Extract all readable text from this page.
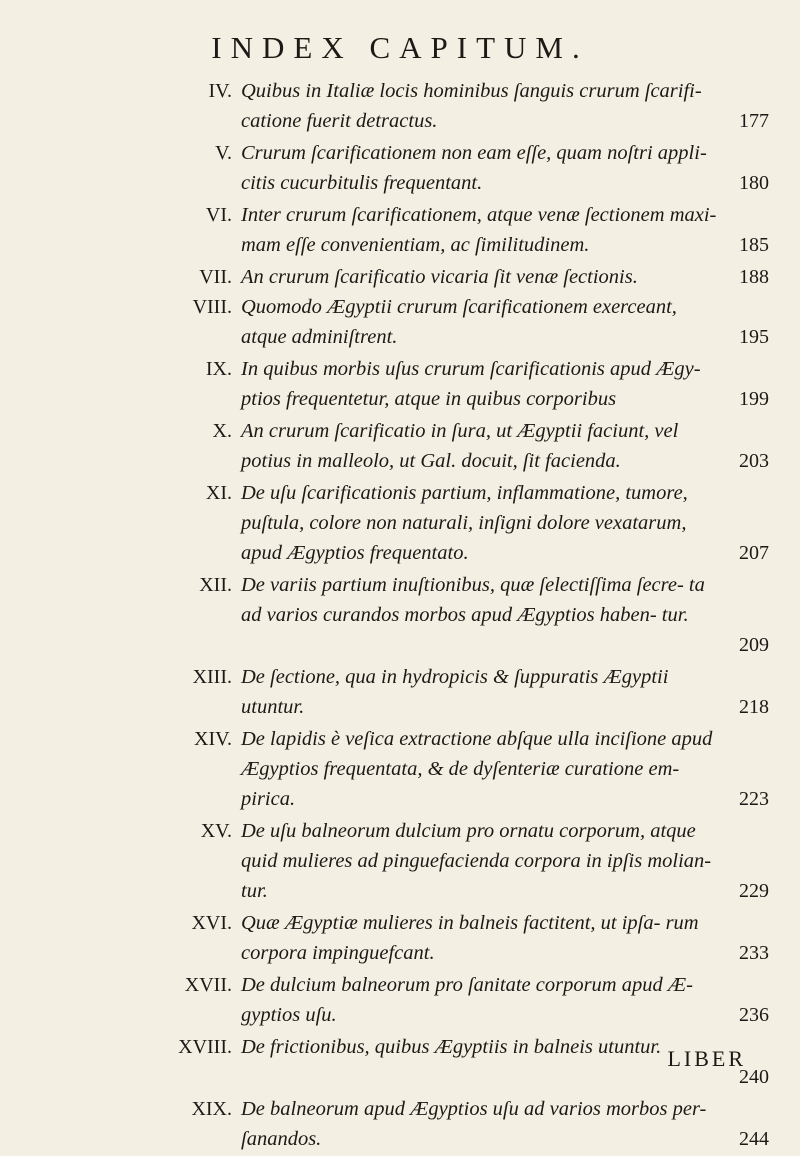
INDEX CAPITUM.
IV.
177
Quibus in Italiæ locis hominibus ſanguis crurum ſcarifi- catione fuerit detractus.
V.
180
Crurum ſcarificationem non eam eſſe, quam noſtri appli- citis cucurbitulis frequentant.
VI.
185
Inter crurum ſcarificationem, atque venæ ſectionem maxi- mam eſſe convenientiam, ac ſimilitudinem.
VII.	188
An crurum ſcarificatio vicaria ſit venæ ſectionis.
VIII.
195
Quomodo Ægyptii crurum ſcarificationem exerceant, atque adminiſtrent.
IX.
199
In quibus morbis uſus crurum ſcarificationis apud Ægy- ptios frequentetur, atque in quibus corporibus
X.
203
An crurum ſcarificatio in ſura, ut Ægyptii faciunt, vel potius in malleolo, ut Gal. docuit, ſit facienda.
XI.
207
De uſu ſcarificationis partium, inflammatione, tumore, puſtula, colore non naturali, inſigni dolore vexatarum, apud Ægyptios frequentato.
XII.
209
De variis partium inuſtionibus, quæ ſelectiſſima ſecre- ta ad varios curandos morbos apud Ægyptios haben- tur.
XIII.
218
De ſectione, qua in hydropicis & ſuppuratis Ægyptii utuntur.
XIV.
223
De lapidis è veſica extractione abſque ulla inciſione apud Ægyptios frequentata, & de dyſenteriæ curatione em- pirica.
XV.
229
De uſu balneorum dulcium pro ornatu corporum, atque quid mulieres ad pinguefacienda corpora in ipſis molian- tur.
XVI.
233
Quæ Ægyptiæ mulieres in balneis factitent, ut ipſa- rum corpora impinguefcant.
XVII.
236
De dulcium balneorum pro ſanitate corporum apud Æ- gyptios uſu.
XVIII. De frictionibus, quibus Ægyptiis in balneis utuntur.
240
XIX.
244
De balneorum apud Ægyptios uſu ad varios morbos per- ſanandos.
LIBER
